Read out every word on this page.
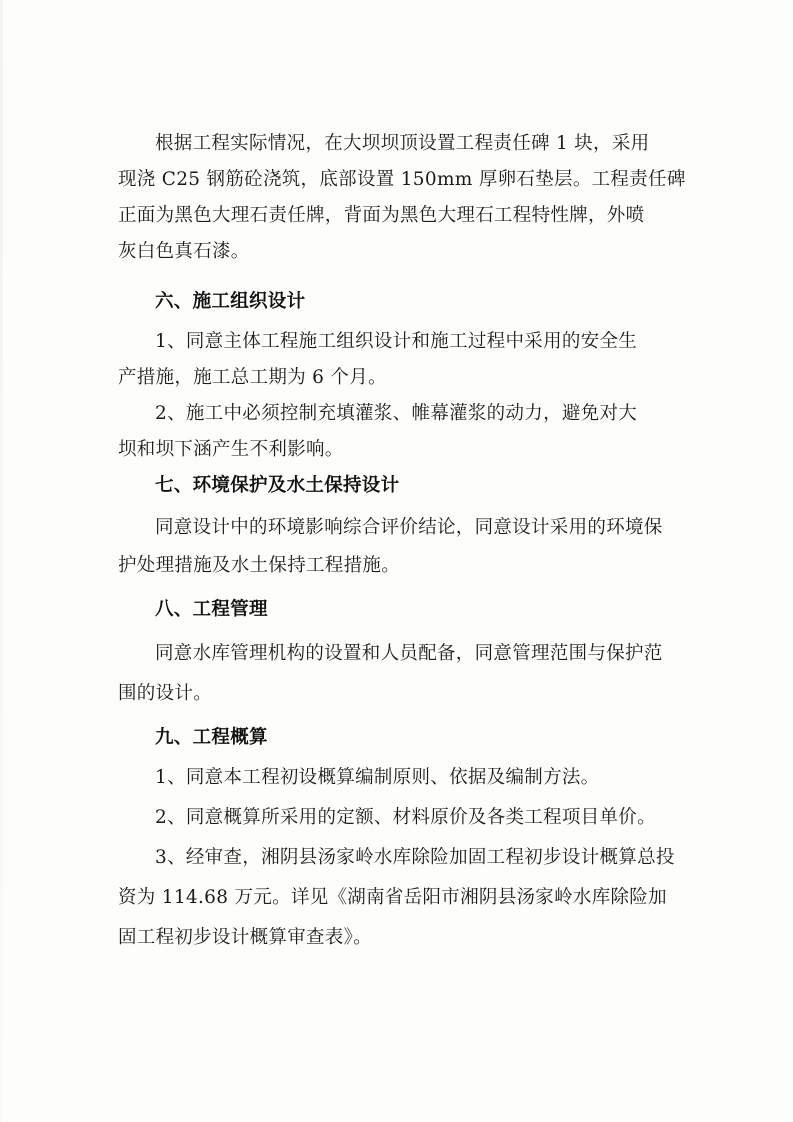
根据工程实际情况，在大坝坝顶设置工程责任碑 1 块，采用
现浇 C25 钢筋砼浇筑，底部设置 150mm 厚卵石垫层。工程责任碑
正面为黑色大理石责任牌，背面为黑色大理石工程特性牌，外喷
灰白色真石漆。
六、施工组织设计
1、同意主体工程施工组织设计和施工过程中采用的安全生
产措施，施工总工期为 6 个月。
2、施工中必须控制充填灌浆、帷幕灌浆的动力，避免对大
坝和坝下涵产生不利影响。
七、环境保护及水土保持设计
同意设计中的环境影响综合评价结论，同意设计采用的环境保
护处理措施及水土保持工程措施。
八、工程管理
同意水库管理机构的设置和人员配备，同意管理范围与保护范
围的设计。
九、工程概算
1、同意本工程初设概算编制原则、依据及编制方法。
2、同意概算所采用的定额、材料原价及各类工程项目单价。
3、经审查，湘阴县汤家岭水库除险加固工程初步设计概算总投
资为 114.68 万元。详见《湖南省岳阳市湘阴县汤家岭水库除险加
固工程初步设计概算审查表》。
